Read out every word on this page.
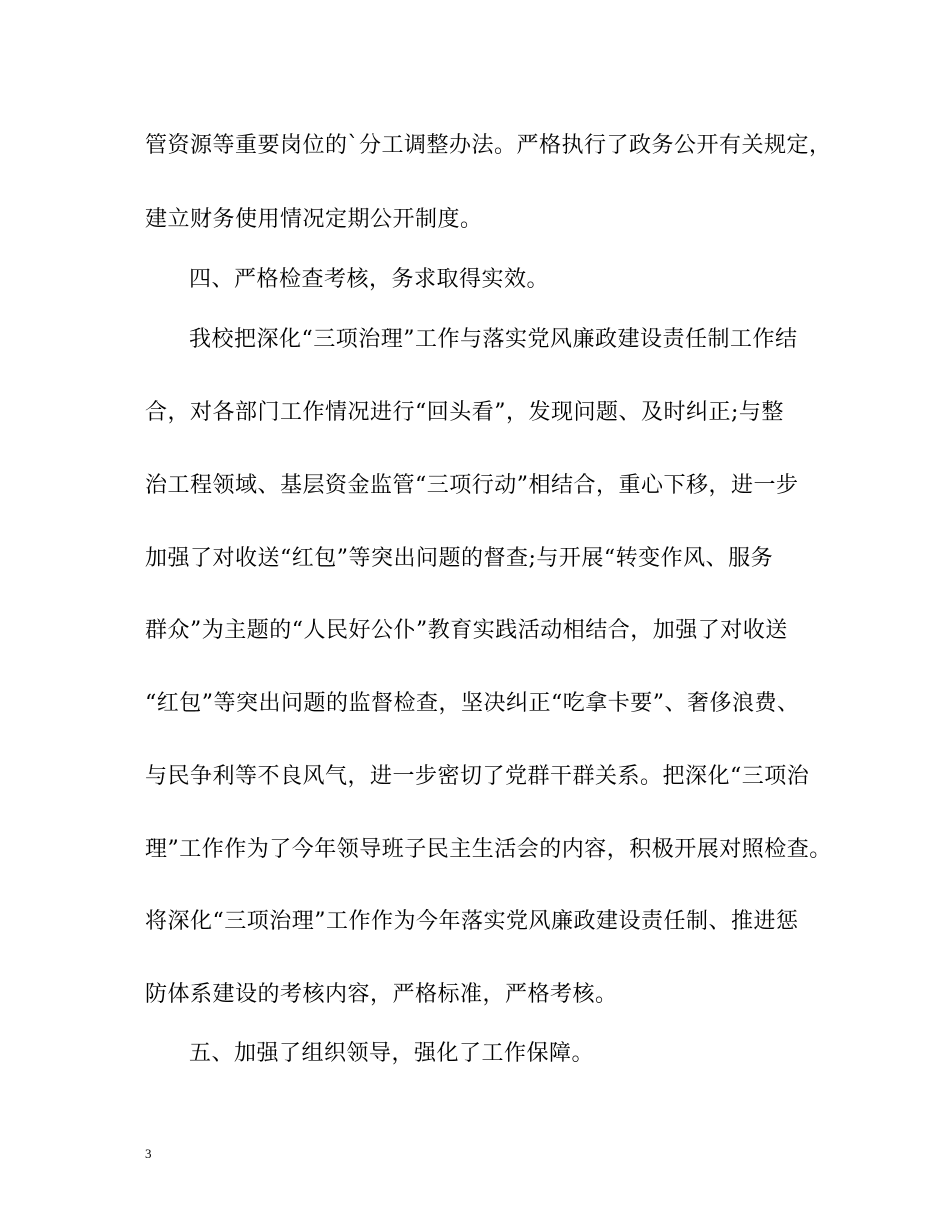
管资源等重要岗位的`分工调整办法。严格执行了政务公开有关规定，
建立财务使用情况定期公开制度。
四、严格检查考核，务求取得实效。
我校把深化“三项治理”工作与落实党风廉政建设责任制工作结
合，对各部门工作情况进行“回头看”，发现问题、及时纠正;与整
治工程领域、基层资金监管“三项行动”相结合，重心下移，进一步
加强了对收送“红包”等突出问题的督查;与开展“转变作风、服务
群众”为主题的“人民好公仆”教育实践活动相结合，加强了对收送
“红包”等突出问题的监督检查，坚决纠正“吃拿卡要”、奢侈浪费、
与民争利等不良风气，进一步密切了党群干群关系。把深化“三项治
理”工作作为了今年领导班子民主生活会的内容，积极开展对照检查。
将深化“三项治理”工作作为今年落实党风廉政建设责任制、推进惩
防体系建设的考核内容，严格标准，严格考核。
五、加强了组织领导，强化了工作保障。
3
